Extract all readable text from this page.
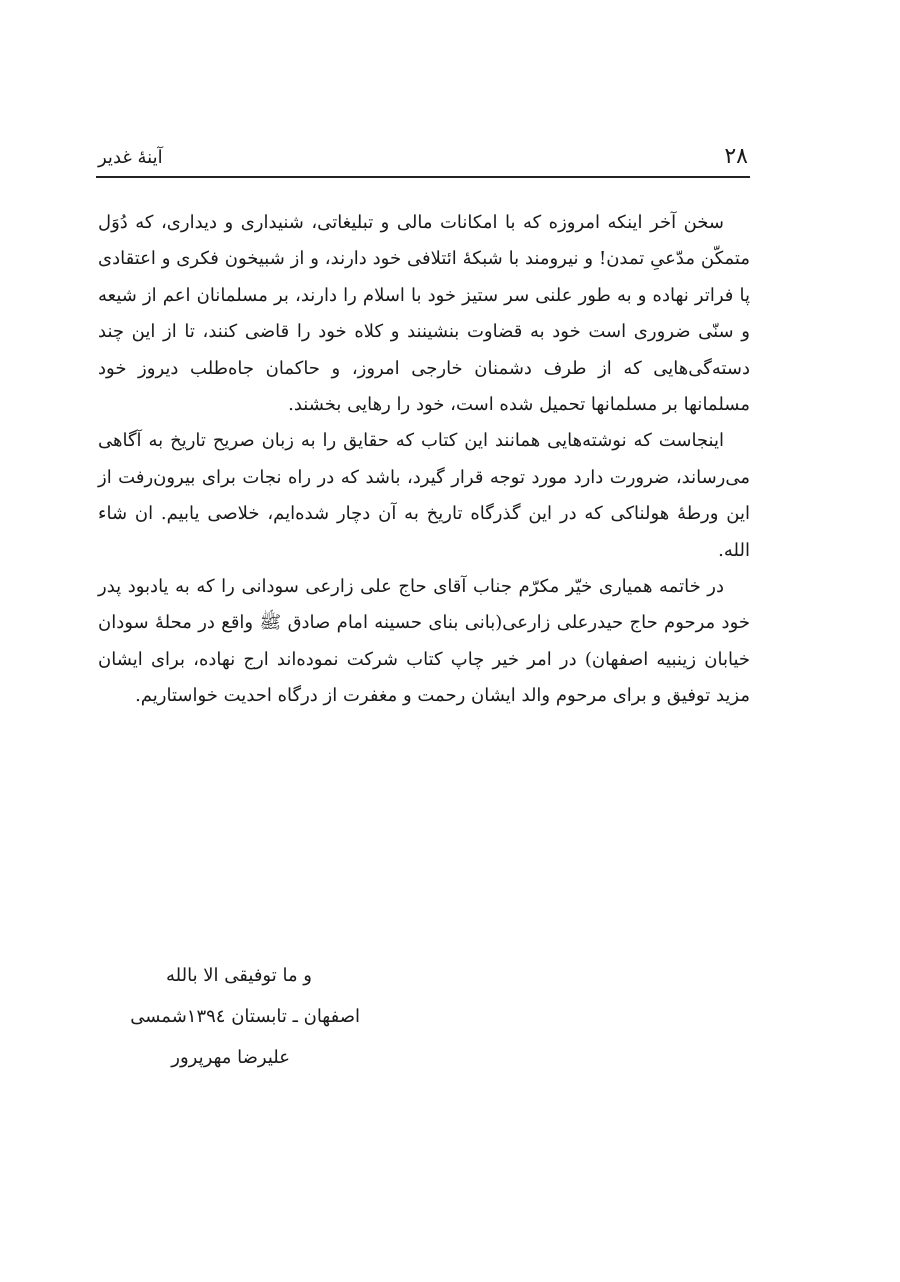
۲۸
آینهٔ غدیر

سخن آخر اینکه امروزه که با امکانات مالی و تبلیغاتی، شنیداری و دیداری، که دُوَل متمکّن مدّعیِ تمدن! و نیرومند با شبکهٔ ائتلافی خود دارند، و از شبیخون فکری و اعتقادی پا فراتر نهاده و به طور علنی سر ستیز خود با اسلام را دارند، بر مسلمانان اعم از شیعه و سنّی ضروری است خود به قضاوت بنشینند و کلاه خود را قاضی کنند، تا از این چند دسته‌گی‌هایی که از طرف دشمنان خارجی امروز، و حاکمان جاه‌طلب دیروز خود مسلمانها بر مسلمانها تحمیل شده است، خود را رهایی بخشند.

اینجاست که نوشته‌هایی همانند این کتاب که حقایق را به زبان صریح تاریخ به آگاهی می‌رساند، ضرورت دارد مورد توجه قرار گیرد، باشد که در راه نجات برای بیرون‌رفت از این ورطهٔ هولناکی که در این گذرگاه تاریخ به آن دچار شده‌ایم، خلاصی یابیم. ان شاء الله.

در خاتمه همیاری خیّر مکرّم جناب آقای حاج علی زارعی سودانی را که به یادبود پدر خود مرحوم حاج حیدرعلی زارعی(بانی بنای حسینه امام صادق ﷺ واقع در محلهٔ سودان خیابان زینبیه اصفهان) در امر خیر چاپ کتاب شرکت نموده‌اند ارج نهاده، برای ایشان مزید توفیق و برای مرحوم والد ایشان رحمت و مغفرت از درگاه احدیت خواستاریم.

و ما توفیقی الا بالله
اصفهان ـ تابستان ۱۳۹٤شمسی
علیرضا مهرپرور
